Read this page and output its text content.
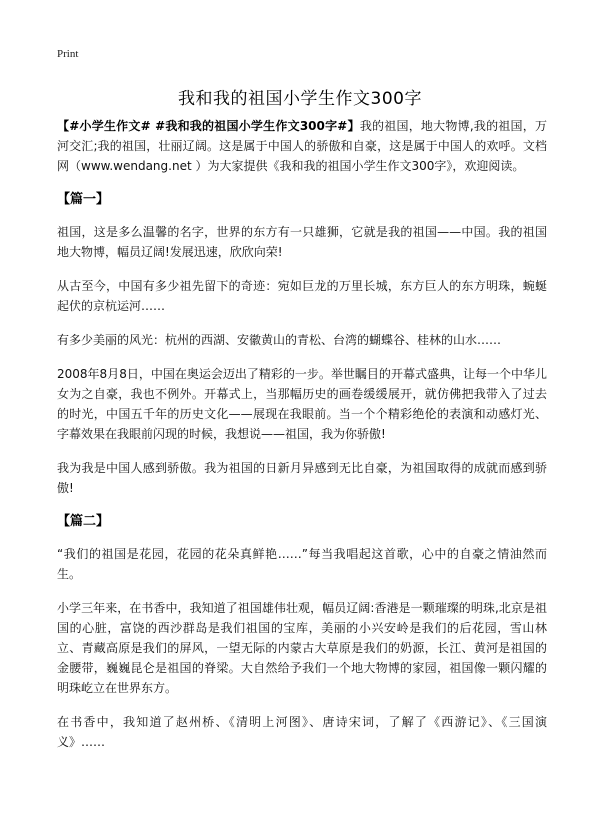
Print
我和我的祖国小学生作文300字

【#小学生作文# #我和我的祖国小学生作文300字#】我的祖国，地大物博,我的祖国，万河交汇;我的祖国，壮丽辽阔。这是属于中国人的骄傲和自豪，这是属于中国人的欢呼。文档网（www.wendang.net ）为大家提供《我和我的祖国小学生作文300字》，欢迎阅读。

【篇一】

祖国，这是多么温馨的名字，世界的东方有一只雄狮，它就是我的祖国——中国。我的祖国地大物博，幅员辽阔!发展迅速，欣欣向荣!

从古至今，中国有多少祖先留下的奇迹：宛如巨龙的万里长城，东方巨人的东方明珠，蜿蜒起伏的京杭运河……

有多少美丽的风光：杭州的西湖、安徽黄山的青松、台湾的蝴蝶谷、桂林的山水……

2008年8月8日，中国在奥运会迈出了精彩的一步。举世瞩目的开幕式盛典，让每一个中华儿女为之自豪，我也不例外。开幕式上，当那幅历史的画卷缓缓展开，就仿佛把我带入了过去的时光，中国五千年的历史文化——展现在我眼前。当一个个精彩绝伦的表演和动感灯光、字幕效果在我眼前闪现的时候，我想说——祖国，我为你骄傲!

我为我是中国人感到骄傲。我为祖国的日新月异感到无比自豪，为祖国取得的成就而感到骄傲!

【篇二】

“我们的祖国是花园，花园的花朵真鲜艳……”每当我唱起这首歌，心中的自豪之情油然而生。

小学三年来，在书香中，我知道了祖国雄伟壮观，幅员辽阔:香港是一颗璀璨的明珠,北京是祖国的心脏，富饶的西沙群岛是我们祖国的宝库，美丽的小兴安岭是我们的后花园，雪山林立、青藏高原是我们的屏风，一望无际的内蒙古大草原是我们的奶源，长江、黄河是祖国的金腰带，巍巍昆仑是祖国的脊梁。大自然给予我们一个地大物博的家园，祖国像一颗闪耀的明珠屹立在世界东方。

在书香中，我知道了赵州桥、《清明上河图》、唐诗宋词，了解了《西游记》、《三国演义》……
